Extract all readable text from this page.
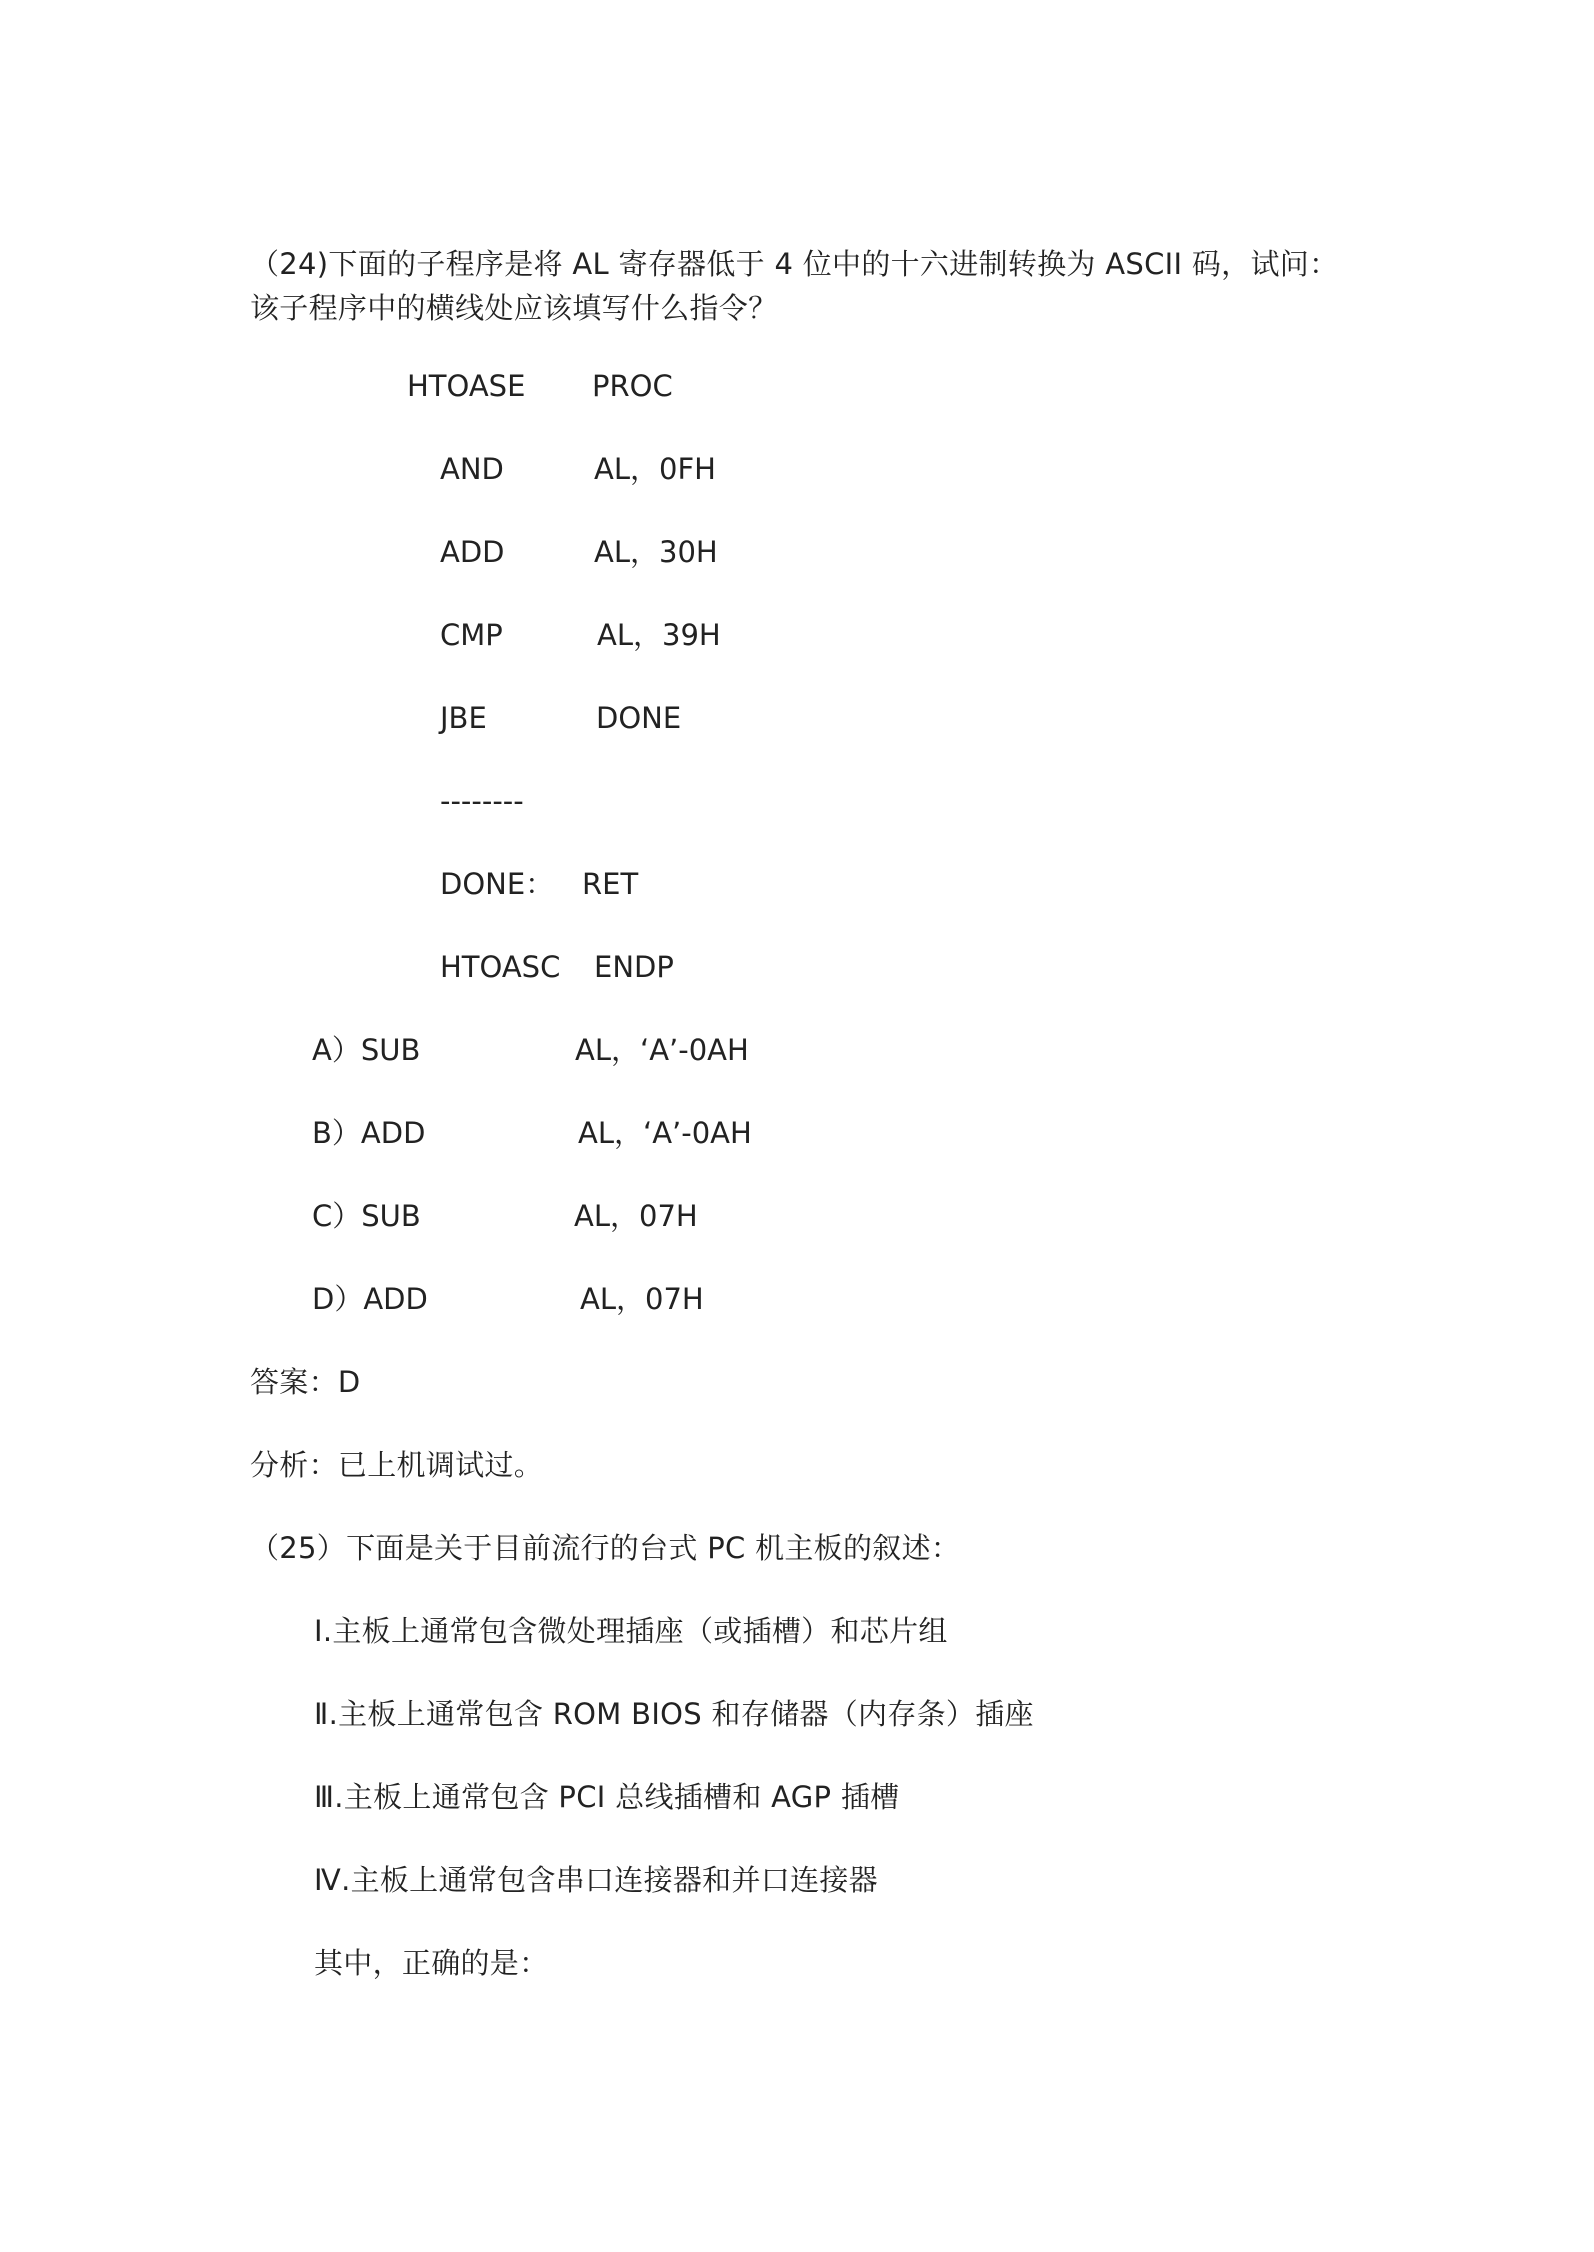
（24)下面的子程序是将 AL 寄存器低于 4 位中的十六进制转换为 ASCII 码，试问：
该子程序中的横线处应该填写什么指令？
HTOASE PROC
AND	AL，0FH
ADD	AL，30H
CMP	AL，39H
JBE	DONE
--------
DONE： RET
HTOASC ENDP
A）SUB	AL，‘A’-0AH
B）ADD	AL，‘A’-0AH
C）SUB	AL，07H
D）ADD	AL，07H
答案：D
分析：已上机调试过。
（25）下面是关于目前流行的台式 PC 机主板的叙述：
Ⅰ.主板上通常包含微处理插座（或插槽）和芯片组
Ⅱ.主板上通常包含 ROM BIOS 和存储器（内存条）插座
Ⅲ.主板上通常包含 PCI 总线插槽和 AGP 插槽
Ⅳ.主板上通常包含串口连接器和并口连接器
其中，正确的是：
